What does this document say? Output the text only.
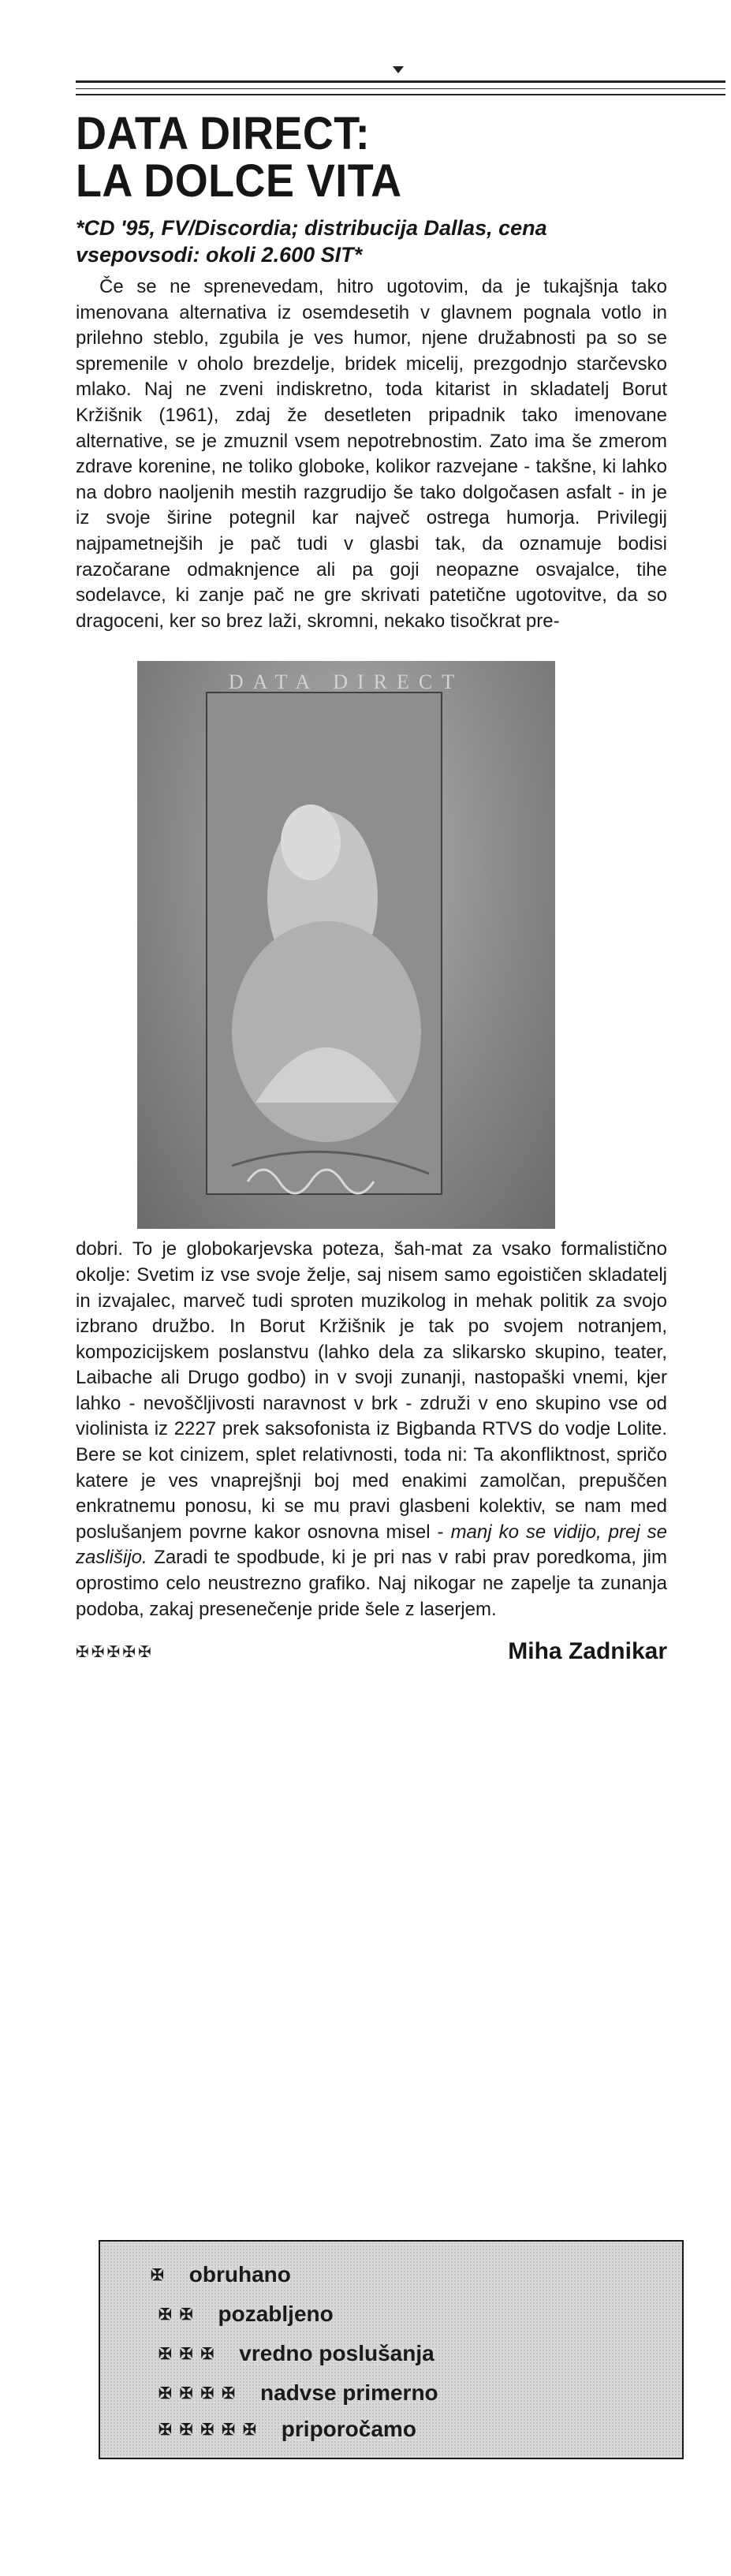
DATA DIRECT:
LA DOLCE VITA
*CD '95, FV/Discordia; distribucija Dallas, cena vsepovsodi: okoli 2.600 SIT*

Če se ne sprenevedam, hitro ugotovim, da je tukajšnja tako imenovana alternativa iz osemdesetih v glavnem pognala votlo in prilehno steblo, zgubila je ves humor, njene družabnosti pa so se spremenile v oholo brezdelje, bridek micelij, prezgodnjo starčevsko mlako. Naj ne zveni indiskretno, toda kitarist in skladatelj Borut Kržišnik (1961), zdaj že desetleten pripadnik tako imenovane alternative, se je zmuznil vsem nepotrebnostim. Zato ima še zmerom zdrave korenine, ne toliko globoke, kolikor razvejane - takšne, ki lahko na dobro naoljenih mestih razgrudijo še tako dolgočasen asfalt - in je iz svoje širine potegnil kar največ ostrega humorja. Privilegij najpametnejših je pač tudi v glasbi tak, da oznamuje bodisi razočarane odmaknjence ali pa goji neopazne osvajalce, tihe sodelavce, ki zanje pač ne gre skrivati patetične ugotovitve, da so dragoceni, ker so brez laži, skromni, nekako tisočkrat pre-

DATA DIRECT

dobri. To je globokarjevska poteza, šah-mat za vsako formalistično okolje: Svetim iz vse svoje želje, saj nisem samo egoističen skladatelj in izvajalec, marveč tudi sproten muzikolog in mehak politik za svojo izbrano družbo. In Borut Kržišnik je tak po svojem notranjem, kompozicijskem poslanstvu (lahko dela za slikarsko skupino, teater, Laibache ali Drugo godbo) in v svoji zunanji, nastopaški vnemi, kjer lahko - nevoščljivosti naravnost v brk - združi v eno skupino vse od violinista iz 2227 prek saksofonista iz Bigbanda RTVS do vodje Lolite. Bere se kot cinizem, splet relativnosti, toda ni: Ta akonfliktnost, spričo katere je ves vnaprejšnji boj med enakimi zamolčan, prepuščen enkratnemu ponosu, ki se mu pravi glasbeni kolektiv, se nam med poslušanjem povrne kakor osnovna misel - manj ko se vidijo, prej se zaslišijo. Zaradi te spodbude, ki je pri nas v rabi prav poredkoma, jim oprostimo celo neustrezno grafiko. Naj nikogar ne zapelje ta zunanja podoba, zakaj presenečenje pride šele z laserjem.

✠✠✠✠✠	Miha Zadnikar
✠ obruhano
✠✠ pozabljeno
✠✠✠ vredno poslušanja
✠✠✠✠ nadvse primerno
✠✠✠✠✠ priporočamo
